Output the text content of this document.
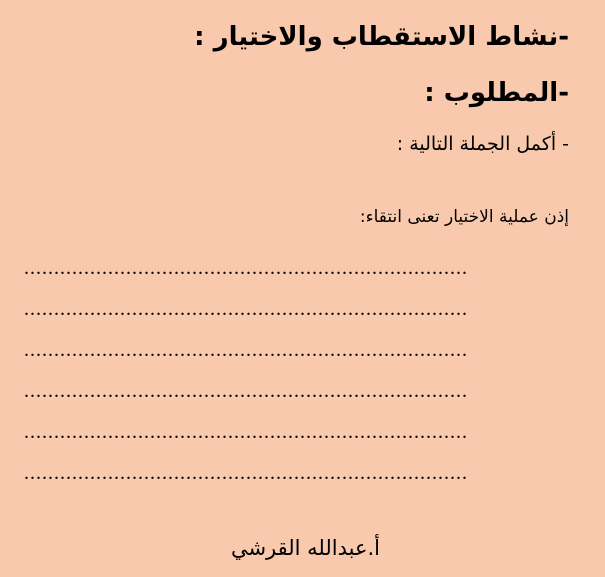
-نشاط الاستقطاب والاختيار :
-المطلوب :
- أكمل الجملة التالية :
إذن عملية الاختيار تعنى انتقاء:
..........................................................................
..........................................................................
..........................................................................
..........................................................................
..........................................................................
..........................................................................
أ.عبدالله القرشي
